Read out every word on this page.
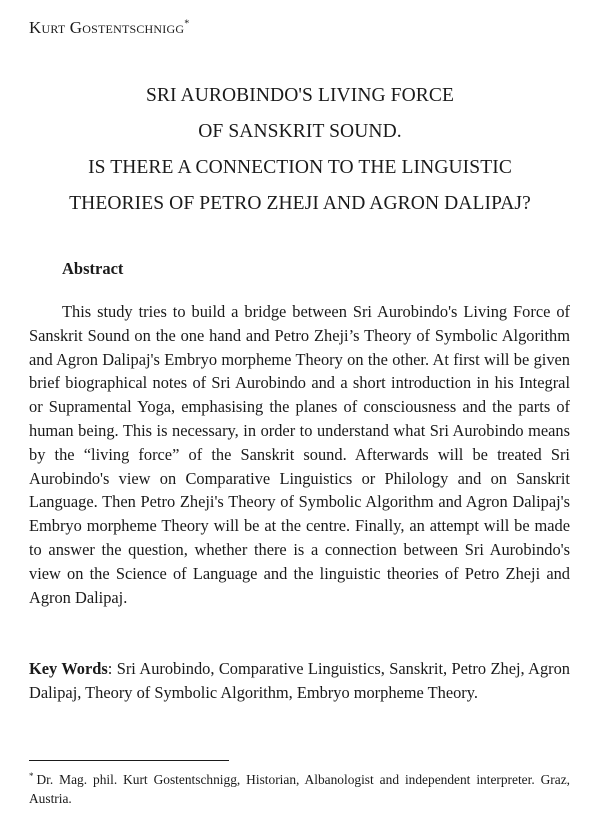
Kurt Gostentschnigg*
SRI AUROBINDO'S LIVING FORCE
OF SANSKRIT SOUND.
IS THERE A CONNECTION TO THE LINGUISTIC
THEORIES OF PETRO ZHEJI AND AGRON DALIPAJ?
Abstract
This study tries to build a bridge between Sri Aurobindo's Living Force of Sanskrit Sound on the one hand and Petro Zheji’s Theory of Symbolic Algorithm and Agron Dalipaj's Embryo morpheme Theory on the other. At first will be given brief biographical notes of Sri Aurobindo and a short introduction in his Integral or Supramental Yoga, emphasising the planes of consciousness and the parts of human being. This is necessary, in order to understand what Sri Aurobindo means by the “living force” of the Sanskrit sound. Afterwards will be treated Sri Aurobindo's view on Comparative Linguistics or Philology and on Sanskrit Language. Then Petro Zheji's Theory of Symbolic Algorithm and Agron Dalipaj's Embryo morpheme Theory will be at the centre. Finally, an attempt will be made to answer the question, whether there is a connection between Sri Aurobindo's view on the Science of Language and the linguistic theories of Petro Zheji and Agron Dalipaj.
Key Words: Sri Aurobindo, Comparative Linguistics, Sanskrit, Petro Zhej, Agron Dalipaj, Theory of Symbolic Algorithm, Embryo morpheme Theory.
* Dr. Mag. phil. Kurt Gostentschnigg, Historian, Albanologist and independent interpreter. Graz, Austria.
